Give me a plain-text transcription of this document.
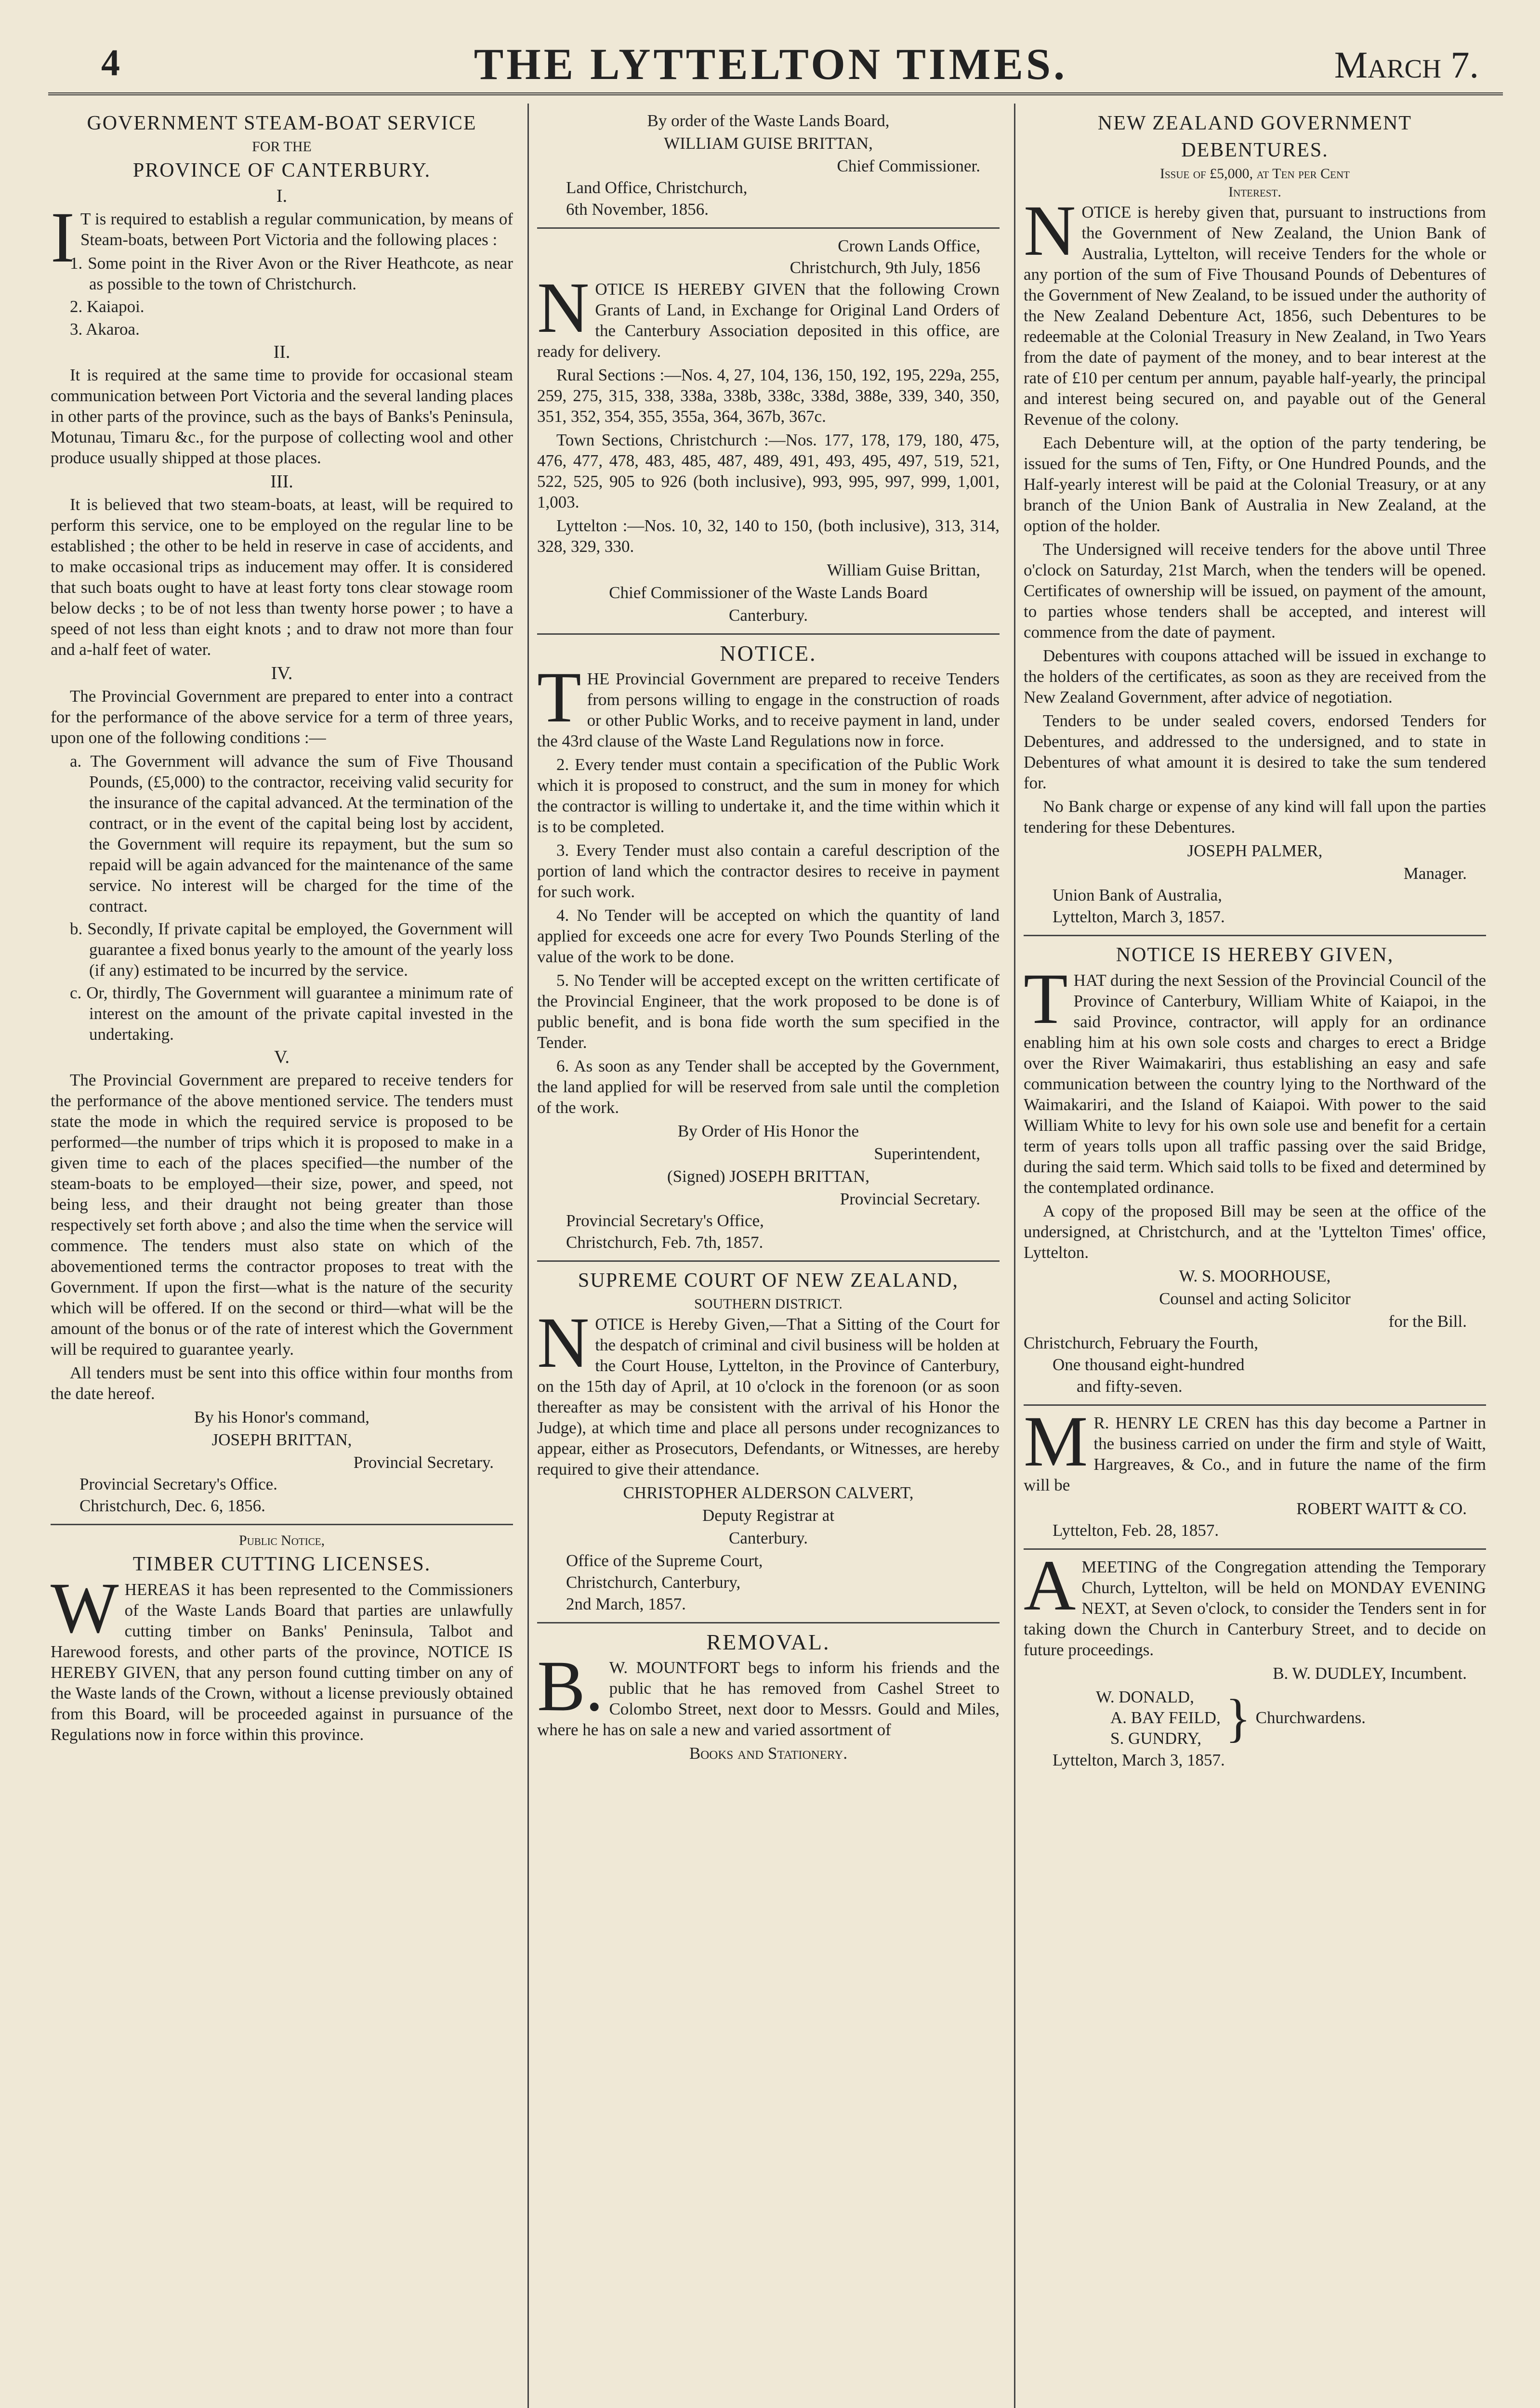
4	THE LYTTELTON TIMES.	March 7.
GOVERNMENT STEAM-BOAT SERVICE
FOR THE
PROVINCE OF CANTERBURY.
I.

IT is required to establish a regular communication, by means of Steam-boats, between Port Victoria and the following places :

1. Some point in the River Avon or the River Heathcote, as near as possible to the town of Christchurch.

2. Kaiapoi.

3. Akaroa.

II.

It is required at the same time to provide for occasional steam communication between Port Victoria and the several landing places in other parts of the province, such as the bays of Banks's Peninsula, Motunau, Timaru &c., for the purpose of collecting wool and other produce usually shipped at those places.

III.

It is believed that two steam-boats, at least, will be required to perform this service, one to be employed on the regular line to be established ; the other to be held in reserve in case of accidents, and to make occasional trips as inducement may offer. It is considered that such boats ought to have at least forty tons clear stowage room below decks ; to be of not less than twenty horse power ; to have a speed of not less than eight knots ; and to draw not more than four and a-half feet of water.

IV.

The Provincial Government are prepared to enter into a contract for the performance of the above service for a term of three years, upon one of the following conditions :—

a. The Government will advance the sum of Five Thousand Pounds, (£5,000) to the contractor, receiving valid security for the insurance of the capital advanced. At the termination of the contract, or in the event of the capital being lost by accident, the Government will require its repayment, but the sum so repaid will be again advanced for the maintenance of the same service. No interest will be charged for the time of the contract.

b. Secondly, If private capital be employed, the Government will guarantee a fixed bonus yearly to the amount of the yearly loss (if any) estimated to be incurred by the service.

c. Or, thirdly, The Government will guarantee a minimum rate of interest on the amount of the private capital invested in the undertaking.

V.

The Provincial Government are prepared to receive tenders for the performance of the above mentioned service. The tenders must state the mode in which the required service is proposed to be performed—the number of trips which it is proposed to make in a given time to each of the places specified—the number of the steam-boats to be employed—their size, power, and speed, not being less, and their draught not being greater than those respectively set forth above ; and also the time when the service will commence. The tenders must also state on which of the abovementioned terms the contractor proposes to treat with the Government. If upon the first—what is the nature of the security which will be offered. If on the second or third—what will be the amount of the bonus or of the rate of interest which the Government will be required to guarantee yearly.

All tenders must be sent into this office within four months from the date hereof.

By his Honor's command,
JOSEPH BRITTAN,
Provincial Secretary.
Provincial Secretary's Office.
Christchurch, Dec. 6, 1856.
Public Notice,
TIMBER CUTTING LICENSES.

WHEREAS it has been represented to the Commissioners of the Waste Lands Board that parties are unlawfully cutting timber on Banks' Peninsula, Talbot and Harewood forests, and other parts of the province, NOTICE IS HEREBY GIVEN, that any person found cutting timber on any of the Waste lands of the Crown, without a license previously obtained from this Board, will be proceeded against in pursuance of the Regulations now in force within this province.

By order of the Waste Lands Board,
WILLIAM GUISE BRITTAN,
Chief Commissioner.
Land Office, Christchurch,
6th November, 1856.
Crown Lands Office,
Christchurch, 9th July, 1856

NOTICE IS HEREBY GIVEN that the following Crown Grants of Land, in Exchange for Original Land Orders of the Canterbury Association deposited in this office, are ready for delivery.

Rural Sections :—Nos. 4, 27, 104, 136, 150, 192, 195, 229a, 255, 259, 275, 315, 338, 338a, 338b, 338c, 338d, 388e, 339, 340, 350, 351, 352, 354, 355, 355a, 364, 367b, 367c.

Town Sections, Christchurch :—Nos. 177, 178, 179, 180, 475, 476, 477, 478, 483, 485, 487, 489, 491, 493, 495, 497, 519, 521, 522, 525, 905 to 926 (both inclusive), 993, 995, 997, 999, 1,001, 1,003.

Lyttelton :—Nos. 10, 32, 140 to 150, (both inclusive), 313, 314, 328, 329, 330.

William Guise Brittan,
Chief Commissioner of the Waste Lands Board
Canterbury.
NOTICE.

THE Provincial Government are prepared to receive Tenders from persons willing to engage in the construction of roads or other Public Works, and to receive payment in land, under the 43rd clause of the Waste Land Regulations now in force.

2. Every tender must contain a specification of the Public Work which it is proposed to construct, and the sum in money for which the contractor is willing to undertake it, and the time within which it is to be completed.

3. Every Tender must also contain a careful description of the portion of land which the contractor desires to receive in payment for such work.

4. No Tender will be accepted on which the quantity of land applied for exceeds one acre for every Two Pounds Sterling of the value of the work to be done.

5. No Tender will be accepted except on the written certificate of the Provincial Engineer, that the work proposed to be done is of public benefit, and is bona fide worth the sum specified in the Tender.

6. As soon as any Tender shall be accepted by the Government, the land applied for will be reserved from sale until the completion of the work.

By Order of His Honor the
Superintendent,
(Signed) JOSEPH BRITTAN,
Provincial Secretary.
Provincial Secretary's Office,
Christchurch, Feb. 7th, 1857.
SUPREME COURT OF NEW ZEALAND,
SOUTHERN DISTRICT.

NOTICE is Hereby Given,—That a Sitting of the Court for the despatch of criminal and civil business will be holden at the Court House, Lyttelton, in the Province of Canterbury, on the 15th day of April, at 10 o'clock in the forenoon (or as soon thereafter as may be consistent with the arrival of his Honor the Judge), at which time and place all persons under recognizances to appear, either as Prosecutors, Defendants, or Witnesses, are hereby required to give their attendance.

CHRISTOPHER ALDERSON CALVERT,
Deputy Registrar at
Canterbury.
Office of the Supreme Court,
Christchurch, Canterbury,
2nd March, 1857.
REMOVAL.

B.W. MOUNTFORT begs to inform his friends and the public that he has removed from Cashel Street to Colombo Street, next door to Messrs. Gould and Miles, where he has on sale a new and varied assortment of

Books and Stationery.
NEW ZEALAND GOVERNMENT
DEBENTURES.
Issue of £5,000, at Ten per Cent
Interest.

NOTICE is hereby given that, pursuant to instructions from the Government of New Zealand, the Union Bank of Australia, Lyttelton, will receive Tenders for the whole or any portion of the sum of Five Thousand Pounds of Debentures of the Government of New Zealand, to be issued under the authority of the New Zealand Debenture Act, 1856, such Debentures to be redeemable at the Colonial Treasury in New Zealand, in Two Years from the date of payment of the money, and to bear interest at the rate of £10 per centum per annum, payable half-yearly, the principal and interest being secured on, and payable out of the General Revenue of the colony.

Each Debenture will, at the option of the party tendering, be issued for the sums of Ten, Fifty, or One Hundred Pounds, and the Half-yearly interest will be paid at the Colonial Treasury, or at any branch of the Union Bank of Australia in New Zealand, at the option of the holder.

The Undersigned will receive tenders for the above until Three o'clock on Saturday, 21st March, when the tenders will be opened. Certificates of ownership will be issued, on payment of the amount, to parties whose tenders shall be accepted, and interest will commence from the date of payment.

Debentures with coupons attached will be issued in exchange to the holders of the certificates, as soon as they are received from the New Zealand Government, after advice of negotiation.

Tenders to be under sealed covers, endorsed Tenders for Debentures, and addressed to the undersigned, and to state in Debentures of what amount it is desired to take the sum tendered for.

No Bank charge or expense of any kind will fall upon the parties tendering for these Debentures.

JOSEPH PALMER,
Manager.
Union Bank of Australia,
Lyttelton, March 3, 1857.
NOTICE IS HEREBY GIVEN,

THAT during the next Session of the Provincial Council of the Province of Canterbury, William White of Kaiapoi, in the said Province, contractor, will apply for an ordinance enabling him at his own sole costs and charges to erect a Bridge over the River Waimakariri, thus establishing an easy and safe communication between the country lying to the Northward of the Waimakariri, and the Island of Kaiapoi. With power to the said William White to levy for his own sole use and benefit for a certain term of years tolls upon all traffic passing over the said Bridge, during the said term. Which said tolls to be fixed and determined by the contemplated ordinance.

A copy of the proposed Bill may be seen at the office of the undersigned, at Christchurch, and at the 'Lyttelton Times' office, Lyttelton.

W. S. MOORHOUSE,
Counsel and acting Solicitor
for the Bill.
Christchurch, February the Fourth,
One thousand eight-hundred
and fifty-seven.

MR. HENRY LE CREN has this day become a Partner in the business carried on under the firm and style of Waitt, Hargreaves, & Co., and in future the name of the firm will be

ROBERT WAITT & CO.
Lyttelton, Feb. 28, 1857.

AMEETING of the Congregation attending the Temporary Church, Lyttelton, will be held on MONDAY EVENING NEXT, at Seven o'clock, to consider the Tenders sent in for taking down the Church in Canterbury Street, and to decide on future proceedings.

B. W. DUDLEY, Incumbent.
W. DONALD,
A. BAY FEILD,
S. GUNDRY, } Churchwardens.
Lyttelton, March 3, 1857.
